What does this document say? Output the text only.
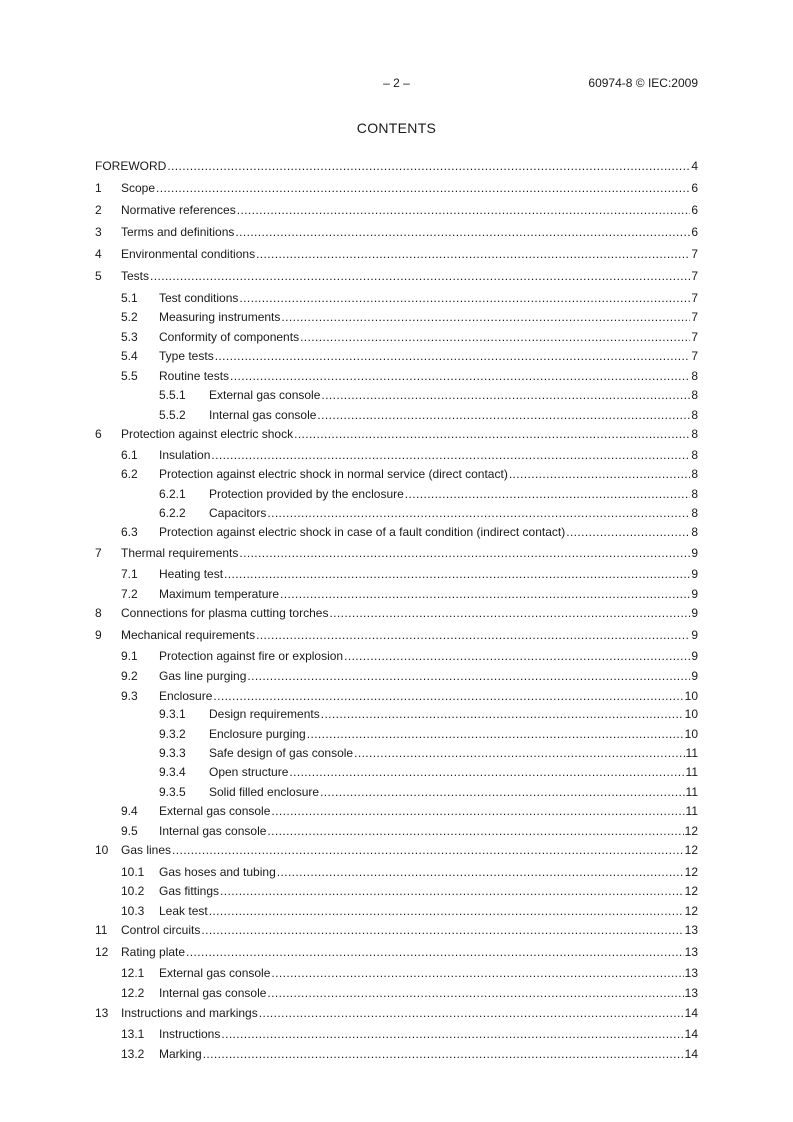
– 2 –	60974-8 © IEC:2009
CONTENTS
FOREWORD .....	4
1	Scope .....	6
2	Normative references .....	6
3	Terms and definitions .....	6
4	Environmental conditions .....	7
5	Tests .....	7
5.1	Test conditions .....	7
5.2	Measuring instruments .....	7
5.3	Conformity of components .....	7
5.4	Type tests .....	7
5.5	Routine tests .....	8
5.5.1	External gas console .....	8
5.5.2	Internal gas console .....	8
6	Protection against electric shock .....	8
6.1	Insulation .....	8
6.2	Protection against electric shock in normal service (direct contact) .....	8
6.2.1	Protection provided by the enclosure .....	8
6.2.2	Capacitors .....	8
6.3	Protection against electric shock in case of a fault condition (indirect contact) .....	8
7	Thermal requirements .....	9
7.1	Heating test .....	9
7.2	Maximum temperature .....	9
8	Connections for plasma cutting torches .....	9
9	Mechanical requirements .....	9
9.1	Protection against fire or explosion .....	9
9.2	Gas line purging .....	9
9.3	Enclosure .....	10
9.3.1	Design requirements .....	10
9.3.2	Enclosure purging .....	10
9.3.3	Safe design of gas console .....	11
9.3.4	Open structure .....	11
9.3.5	Solid filled enclosure .....	11
9.4	External gas console .....	11
9.5	Internal gas console .....	12
10	Gas lines .....	12
10.1	Gas hoses and tubing .....	12
10.2	Gas fittings .....	12
10.3	Leak test .....	12
11	Control circuits .....	13
12	Rating plate .....	13
12.1	External gas console .....	13
12.2	Internal gas console .....	13
13	Instructions and markings .....	14
13.1	Instructions .....	14
13.2	Marking .....	14
